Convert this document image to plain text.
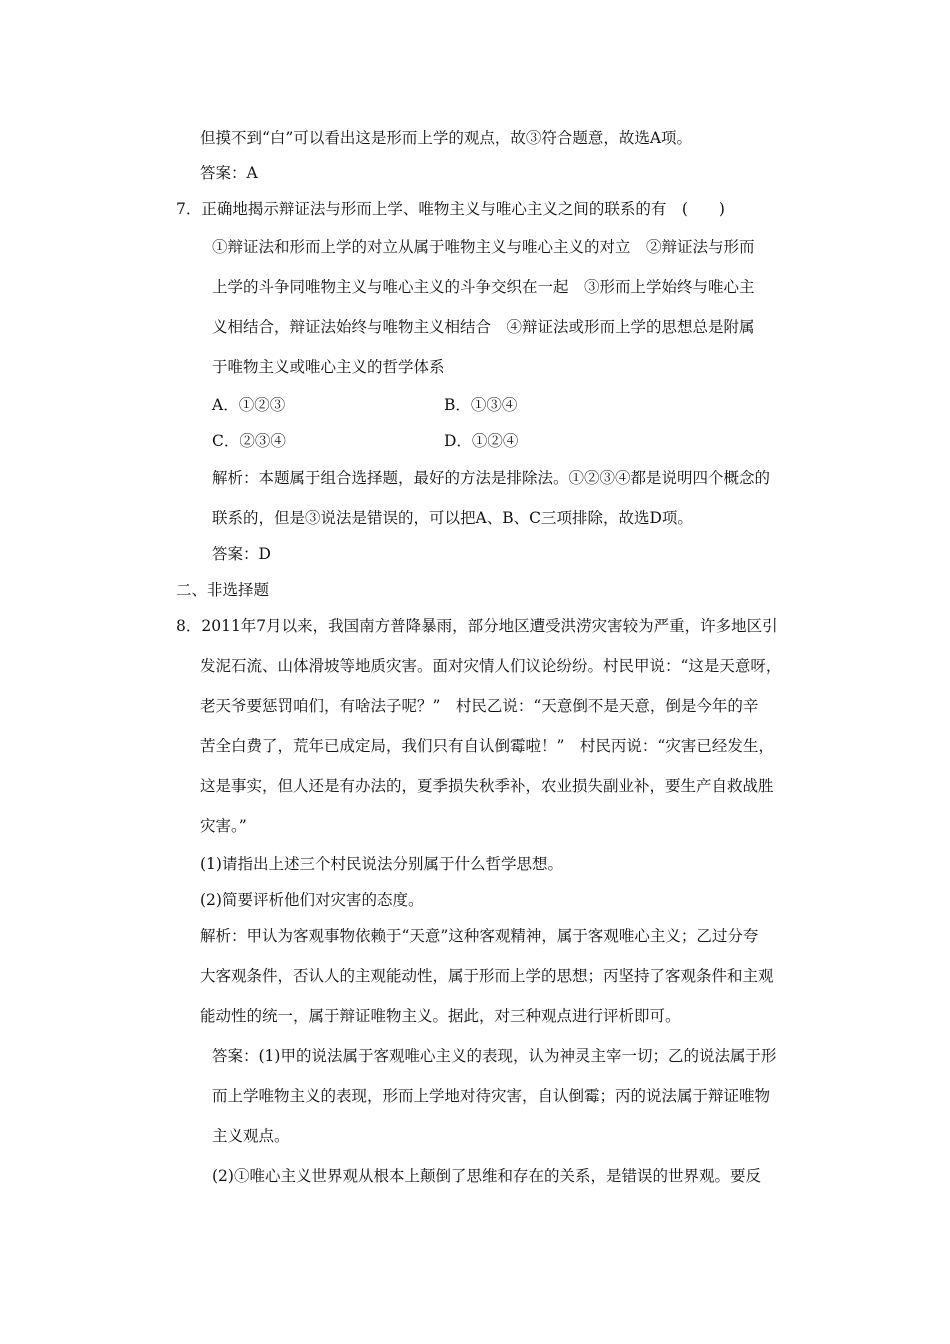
但摸不到“白”可以看出这是形而上学的观点，故③符合题意，故选A项。
答案：A
7．正确地揭示辩证法与形而上学、唯物主义与唯心主义之间的联系的有　(　　)
①辩证法和形而上学的对立从属于唯物主义与唯心主义的对立　②辩证法与形而
上学的斗争同唯物主义与唯心主义的斗争交织在一起　③形而上学始终与唯心主
义相结合，辩证法始终与唯物主义相结合　④辩证法或形而上学的思想总是附属
于唯物主义或唯心主义的哲学体系
A．①②③	B．①③④
C．②③④	D．①②④
解析：本题属于组合选择题，最好的方法是排除法。①②③④都是说明四个概念的
联系的，但是③说法是错误的，可以把A、B、C三项排除，故选D项。
答案：D
二、非选择题
8．2011年7月以来，我国南方普降暴雨，部分地区遭受洪涝灾害较为严重，许多地区引
发泥石流、山体滑坡等地质灾害。面对灾情人们议论纷纷。村民甲说：“这是天意呀，
老天爷要惩罚咱们，有啥法子呢？”　村民乙说：“天意倒不是天意，倒是今年的辛
苦全白费了，荒年已成定局，我们只有自认倒霉啦！”　村民丙说：“灾害已经发生，
这是事实，但人还是有办法的，夏季损失秋季补，农业损失副业补，要生产自救战胜
灾害。”
(1)请指出上述三个村民说法分别属于什么哲学思想。
(2)简要评析他们对灾害的态度。
解析：甲认为客观事物依赖于“天意”这种客观精神，属于客观唯心主义；乙过分夸
大客观条件，否认人的主观能动性，属于形而上学的思想；丙坚持了客观条件和主观
能动性的统一，属于辩证唯物主义。据此，对三种观点进行评析即可。
答案：(1)甲的说法属于客观唯心主义的表现，认为神灵主宰一切；乙的说法属于形
而上学唯物主义的表现，形而上学地对待灾害，自认倒霉；丙的说法属于辩证唯物
主义观点。
(2)①唯心主义世界观从根本上颠倒了思维和存在的关系，是错误的世界观。要反
